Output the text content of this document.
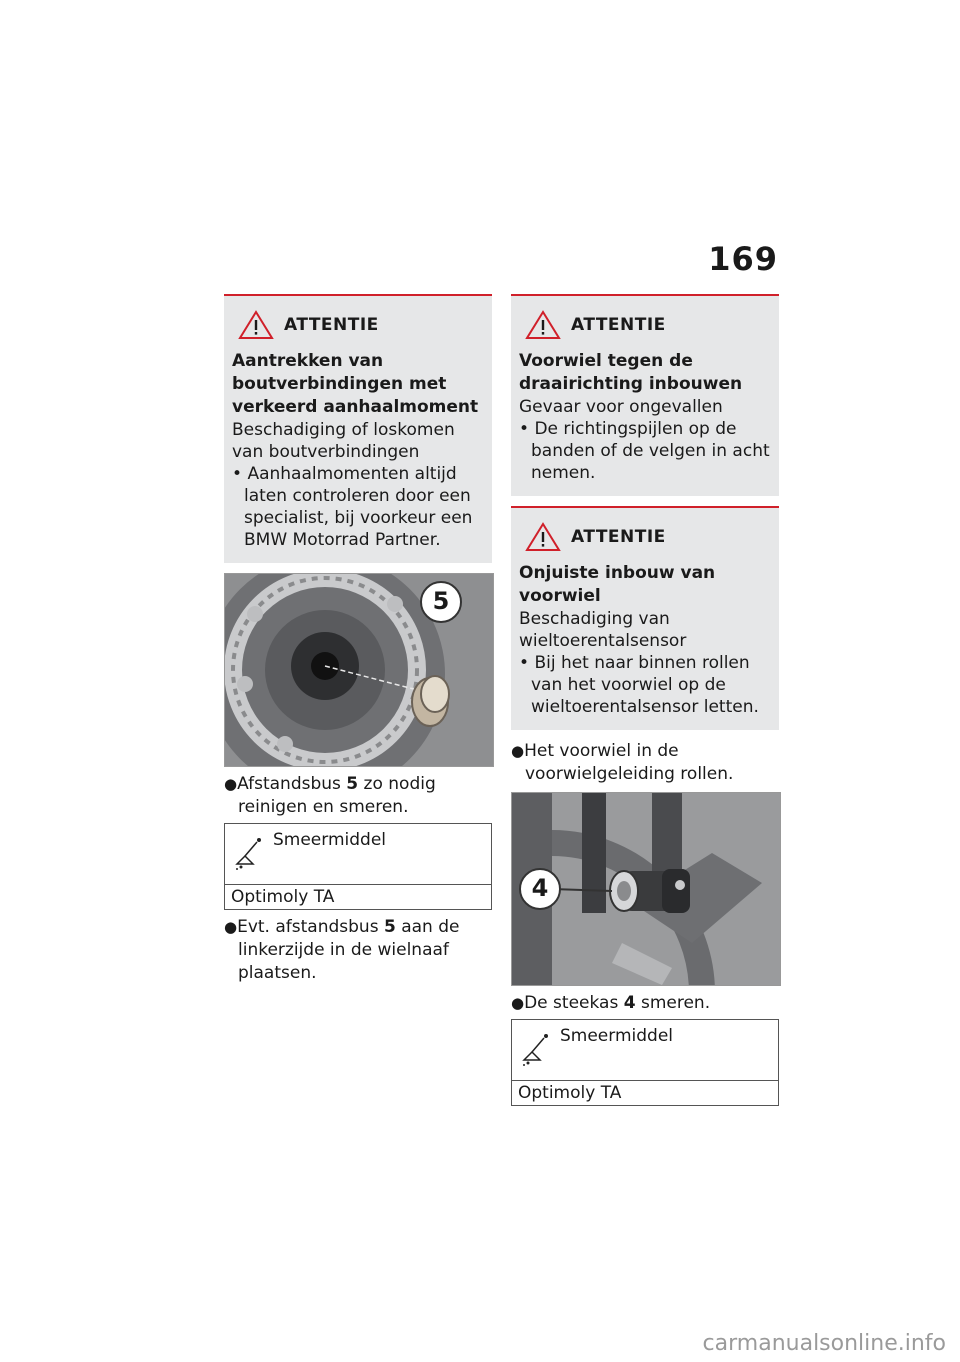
169
ATTENTIE
Aantrekken van boutverbindingen met verkeerd aanhaalmoment
Beschadiging of loskomen van boutverbindingen
• Aanhaalmomenten altijd laten controleren door een specialist, bij voorkeur een BMW Motorrad Partner.
●Afstandsbus 5 zo nodig reinigen en smeren.
Smeermiddel
Optimoly TA
●Evt. afstandsbus 5 aan de linkerzijde in de wielnaaf plaatsen.
ATTENTIE
Voorwiel tegen de draairichting inbouwen
Gevaar voor ongevallen
• De richtingspijlen op de banden of de velgen in acht nemen.
ATTENTIE
Onjuiste inbouw van voorwiel
Beschadiging van wieltoerentalsensor
• Bij het naar binnen rollen van het voorwiel op de wieltoerentalsensor letten.
●Het voorwiel in de voorwielgeleiding rollen.
●De steekas 4 smeren.
Smeermiddel
Optimoly TA
5
4
carmanualsonline.info
